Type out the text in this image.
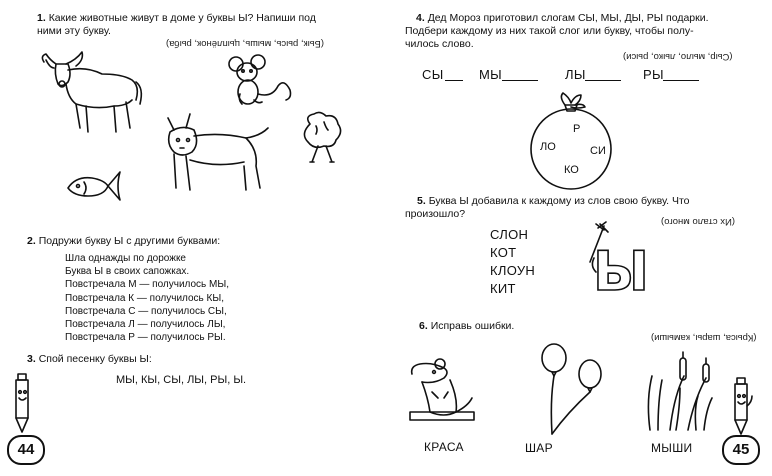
1. Какие животные живут в доме у буквы Ы? Напиши под
ними эту букву.
(Бык, рысь, мышь, цыплёнок, рыба)
2. Подружи букву Ы с другими буквами:
Шла однажды по дорожке
Буква Ы в своих сапожках.
Повстречала М — получилось МЫ,
Повстречала К — получилось КЫ,
Повстречала С — получилось СЫ,
Повстречала Л — получилось ЛЫ,
Повстречала Р — получилось РЫ.
3. Спой песенку буквы Ы:
МЫ, КЫ, СЫ, ЛЫ, РЫ, Ы.
44
4. Дед Мороз приготовил слогам СЫ, МЫ, ДЫ, РЫ подарки.
Подбери каждому из них такой слог или букву, чтобы полу-
чилось слово.
(Сыр, мыло, лыко, рыси)
СЫ	МЫ	ЛЫ	РЫ
Р
ЛО	СИ
КО
5. Буква Ы добавила к каждому из слов свою букву. Что
произошло?
(Их стало много)
СЛОН
КОТ
КЛОУН
КИТ	Ы
6. Исправь ошибки.
(Крыса, шары, камыши)
КРАСА	ШАР	МЫШИ	45
